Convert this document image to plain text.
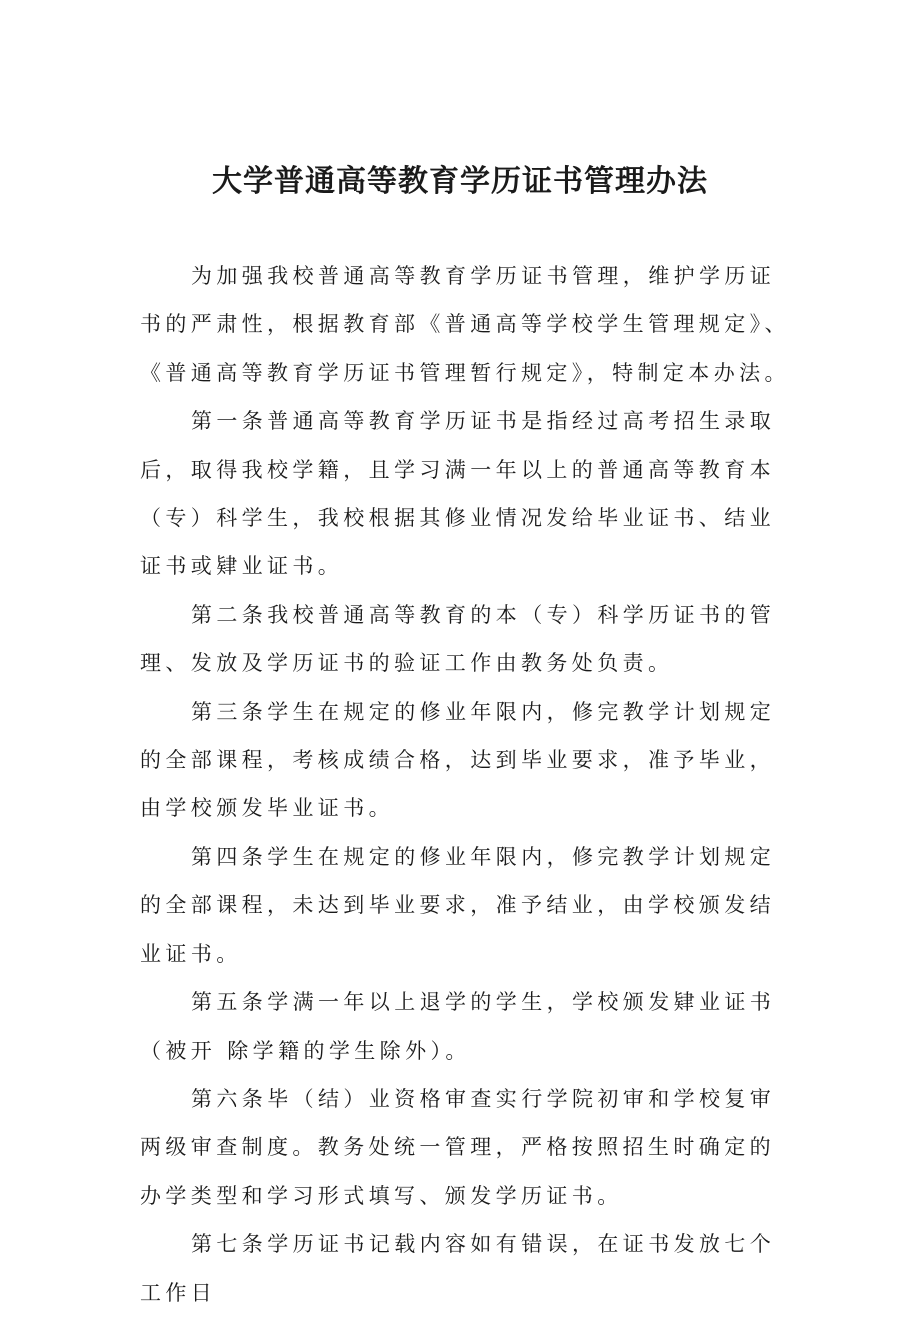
大学普通高等教育学历证书管理办法

为加强我校普通高等教育学历证书管理，维护学历证书的严肃性，根据教育部《普通高等学校学生管理规定》、《普通高等教育学历证书管理暂行规定》，特制定本办法。

第一条普通高等教育学历证书是指经过高考招生录取后，取得我校学籍，且学习满一年以上的普通高等教育本（专）科学生，我校根据其修业情况发给毕业证书、结业证书或肄业证书。

第二条我校普通高等教育的本（专）科学历证书的管理、发放及学历证书的验证工作由教务处负责。

第三条学生在规定的修业年限内，修完教学计划规定的全部课程，考核成绩合格，达到毕业要求，准予毕业，由学校颁发毕业证书。

第四条学生在规定的修业年限内，修完教学计划规定的全部课程，未达到毕业要求，准予结业，由学校颁发结业证书。

第五条学满一年以上退学的学生，学校颁发肄业证书（被开 除学籍的学生除外）。

第六条毕（结）业资格审查实行学院初审和学校复审两级审查制度。教务处统一管理，严格按照招生时确定的办学类型和学习形式填写、颁发学历证书。

第七条学历证书记载内容如有错误，在证书发放七个工作日
